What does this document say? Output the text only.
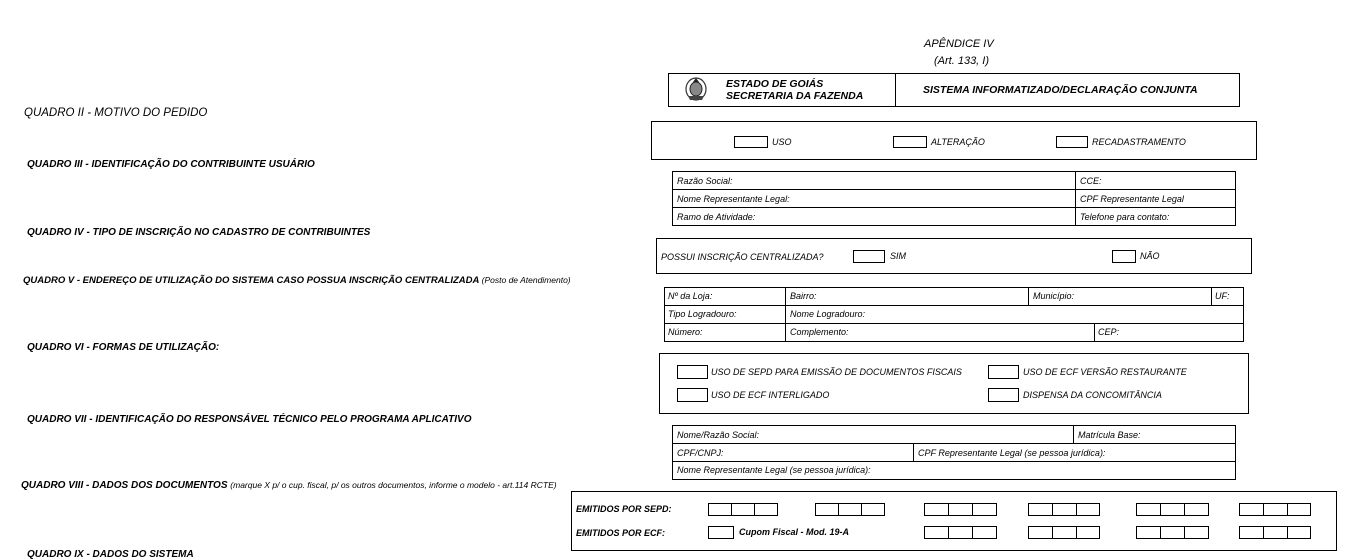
APÊNDICE IV
(Art. 133, I)
ESTADO DE GOIÁS
SECRETARIA DA FAZENDA	SISTEMA INFORMATIZADO/DECLARAÇÃO CONJUNTA
QUADRO II - MOTIVO DO PEDIDO
USO	ALTERAÇÃO	RECADASTRAMENTO
QUADRO III - IDENTIFICAÇÃO DO CONTRIBUINTE USUÁRIO
Razão Social:	CCE:
Nome Representante Legal:	CPF Representante Legal
Ramo de Atividade:	Telefone para contato:
QUADRO IV - TIPO DE INSCRIÇÃO NO CADASTRO DE CONTRIBUINTES
POSSUI INSCRIÇÃO CENTRALIZADA?	SIM	NÃO
QUADRO V - ENDEREÇO DE UTILIZAÇÃO DO SISTEMA CASO POSSUA INSCRIÇÃO CENTRALIZADA (Posto de Atendimento)
Nº da Loja:	Bairro:	Município:	UF:
Tipo Logradouro:	Nome Logradouro:
Número:	Complemento:	CEP:
QUADRO VI - FORMAS DE UTILIZAÇÃO:
USO DE SEPD PARA EMISSÃO DE DOCUMENTOS FISCAIS	USO DE ECF VERSÃO RESTAURANTE
USO DE ECF INTERLIGADO	DISPENSA DA CONCOMITÂNCIA
QUADRO VII - IDENTIFICAÇÃO DO RESPONSÁVEL TÉCNICO PELO PROGRAMA APLICATIVO
Nome/Razão Social:	Matrícula Base:
CPF/CNPJ:	CPF Representante Legal (se pessoa jurídica):
Nome Representante Legal (se pessoa jurídica):
QUADRO VIII - DADOS DOS DOCUMENTOS (marque X p/ o cup. fiscal, p/ os outros documentos, informe o modelo - art.114 RCTE)
EMITIDOS POR SEPD:
EMITIDOS POR ECF:	Cupom Fiscal - Mod. 19-A
QUADRO IX - DADOS DO SISTEMA
